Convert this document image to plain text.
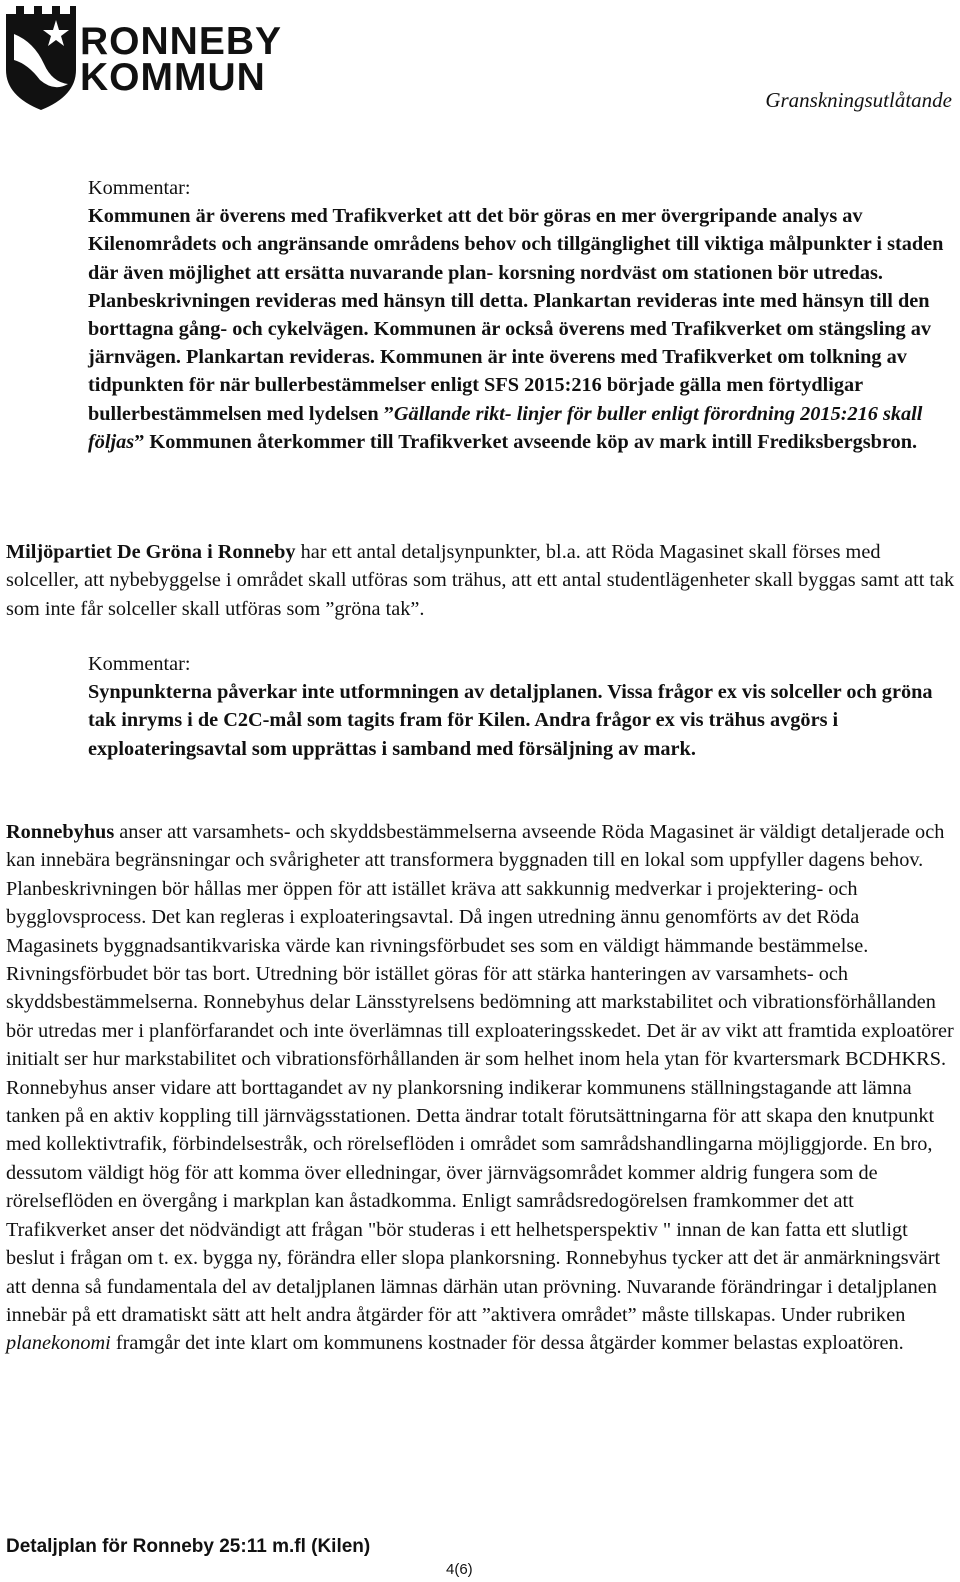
RONNEBY
KOMMUN
Granskningsutlåtande
Kommentar:
Kommunen är överens med Trafikverket att det bör göras en mer övergripande analys av Kilenområdets och angränsande områdens behov och tillgänglighet till viktiga målpunkter i staden där även möjlighet att ersätta nuvarande plan- korsning nordväst om stationen bör utredas. Planbeskrivningen revideras med hänsyn till detta. Plankartan revideras inte med hänsyn till den borttagna gång- och cykelvägen. Kommunen är också överens med Trafikverket om stängsling av järnvägen. Plankartan revideras. Kommunen är inte överens med Trafikverket om tolkning av tidpunkten för när bullerbestämmelser enligt SFS 2015:216 började gälla men förtydligar bullerbestämmelsen med lydelsen ”Gällande rikt- linjer för buller enligt förordning 2015:216 skall följas” Kommunen återkommer till Trafikverket avseende köp av mark intill Frediksbergsbron.
Miljöpartiet De Gröna i Ronneby har ett antal detaljsynpunkter, bl.a. att Röda Magasinet skall förses med solceller, att nybebyggelse i området skall utföras som trähus, att ett antal studentlägenheter skall byggas samt att tak som inte får solceller skall utföras som ”gröna tak”.
Kommentar:
Synpunkterna påverkar inte utformningen av detaljplanen. Vissa frågor ex vis solceller och gröna tak inryms i de C2C-mål som tagits fram för Kilen. Andra frågor ex vis trähus avgörs i exploateringsavtal som upprättas i samband med försäljning av mark.
Ronnebyhus anser att varsamhets- och skyddsbestämmelserna avseende Röda Magasinet är väldigt detaljerade och kan innebära begränsningar och svårigheter att transformera byggnaden till en lokal som uppfyller dagens behov. Planbeskrivningen bör hållas mer öppen för att istället kräva att sakkunnig medverkar i projektering- och bygglovsprocess. Det kan regleras i exploateringsavtal. Då ingen utredning ännu genomförts av det Röda Magasinets byggnadsantikvariska värde kan rivningsförbudet ses som en väldigt hämmande bestämmelse. Rivningsförbudet bör tas bort. Utredning bör istället göras för att stärka hanteringen av varsamhets- och skyddsbestämmelserna. Ronnebyhus delar Länsstyrelsens bedömning att markstabilitet och vibrationsförhållanden bör utredas mer i planförfarandet och inte överlämnas till exploateringsskedet. Det är av vikt att framtida exploatörer initialt ser hur markstabilitet och vibrationsförhållanden är som helhet inom hela ytan för kvartersmark BCDHKRS. Ronnebyhus anser vidare att borttagandet av ny plankorsning indikerar kommunens ställningstagande att lämna tanken på en aktiv koppling till järnvägsstationen. Detta ändrar totalt förutsättningarna för att skapa den knutpunkt med kollektivtrafik, förbindelsestråk, och rörelseflöden i området som samrådshandlingarna möjliggjorde. En bro, dessutom väldigt hög för att komma över elledningar, över järnvägsområdet kommer aldrig fungera som de rörelseflöden en övergång i markplan kan åstadkomma. Enligt samrådsredogörelsen framkommer det att Trafikverket anser det nödvändigt att frågan "bör studeras i ett helhetsperspektiv " innan de kan fatta ett slutligt beslut i frågan om t. ex. bygga ny, förändra eller slopa plankorsning. Ronnebyhus tycker att det är anmärkningsvärt att denna så fundamentala del av detaljplanen lämnas därhän utan prövning. Nuvarande förändringar i detaljplanen innebär på ett dramatiskt sätt att helt andra åtgärder för att ”aktivera området” måste tillskapas. Under rubriken planekonomi framgår det inte klart om kommunens kostnader för dessa åtgärder kommer belastas exploatören.
Detaljplan för Ronneby 25:11 m.fl (Kilen)
4(6)
